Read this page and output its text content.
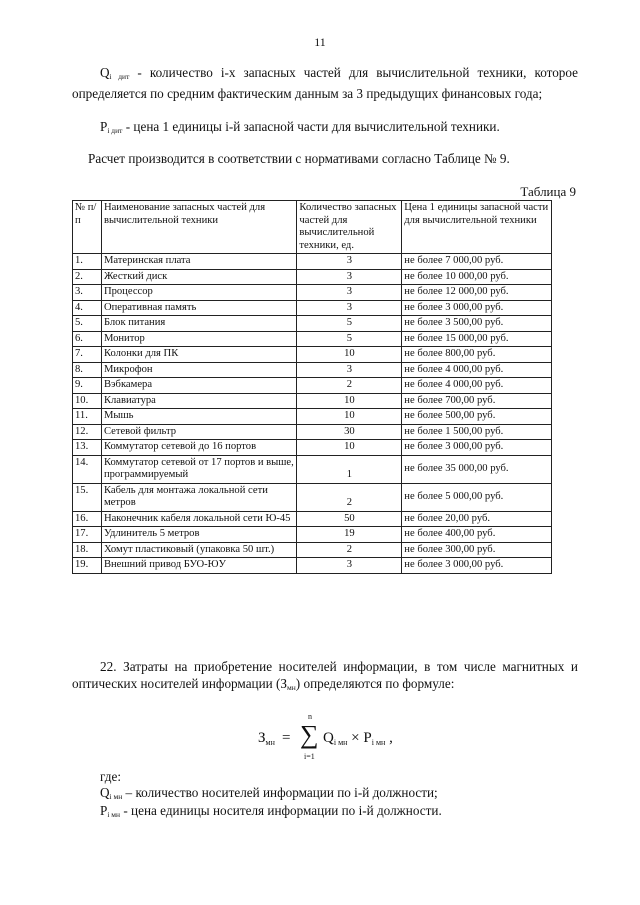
11
$Q_{i дит}$ - количество i-х запасных частей для вычислительной техники, которое определяется по средним фактическим данным за 3 предыдущих финансовых года;
$P_{i дит}$ - цена 1 единицы i-й запасной части для вычислительной техники.
Расчет производится в соответствии с нормативами согласно Таблице № 9.
Таблица 9
№ п/п	Наименование запасных частей для вычислительной техники	Количество запасных частей для вычислительной техники, ед.	Цена 1 единицы запасной части для вычислительной техники
1.	Материнская плата	3	не более 7 000,00 руб.
2.	Жесткий диск	3	не более 10 000,00 руб.
3.	Процессор	3	не более 12 000,00 руб.
4.	Оперативная память	3	не более 3 000,00 руб.
5.	Блок питания	5	не более 3 500,00 руб.
6.	Монитор	5	не более 15 000,00 руб.
7.	Колонки для ПК	10	не более 800,00 руб.
8.	Микрофон	3	не более 4 000,00 руб.
9.	Вэбкамера	2	не более 4 000,00 руб.
10.	Клавиатура	10	не более 700,00 руб.
11.	Мышь	10	не более 500,00 руб.
12.	Сетевой фильтр	30	не более 1 500,00 руб.
13.	Коммутатор сетевой до 16 портов	10	не более 3 000,00 руб.
14.	Коммутатор сетевой от 17 портов и выше, программируемый	1	не более 35 000,00 руб.
15.	Кабель для монтажа локальной сети метров	2	не более 5 000,00 руб.
16.	Наконечник кабеля локальной сети Ю-45	50	не более 20,00 руб.
17.	Удлинитель 5 метров	19	не более 400,00 руб.
18.	Хомут пластиковый (упаковка 50 шт.)	2	не более 300,00 руб.
19.	Внешний привод БУО-ЮУ	3	не более 3 000,00 руб.
22. Затраты на приобретение носителей информации, в том числе магнитных и оптических носителей информации $(З_{мн})$ определяются по формуле:
$З_{мн}$ =
n
∑
i=1
$Q_{i мн} \times P_{i мн}$ ,
где:
$Q_{i мн}$ – количество носителей информации по i-й должности;
$P_{i мн}$ - цена единицы носителя информации по i-й должности.
